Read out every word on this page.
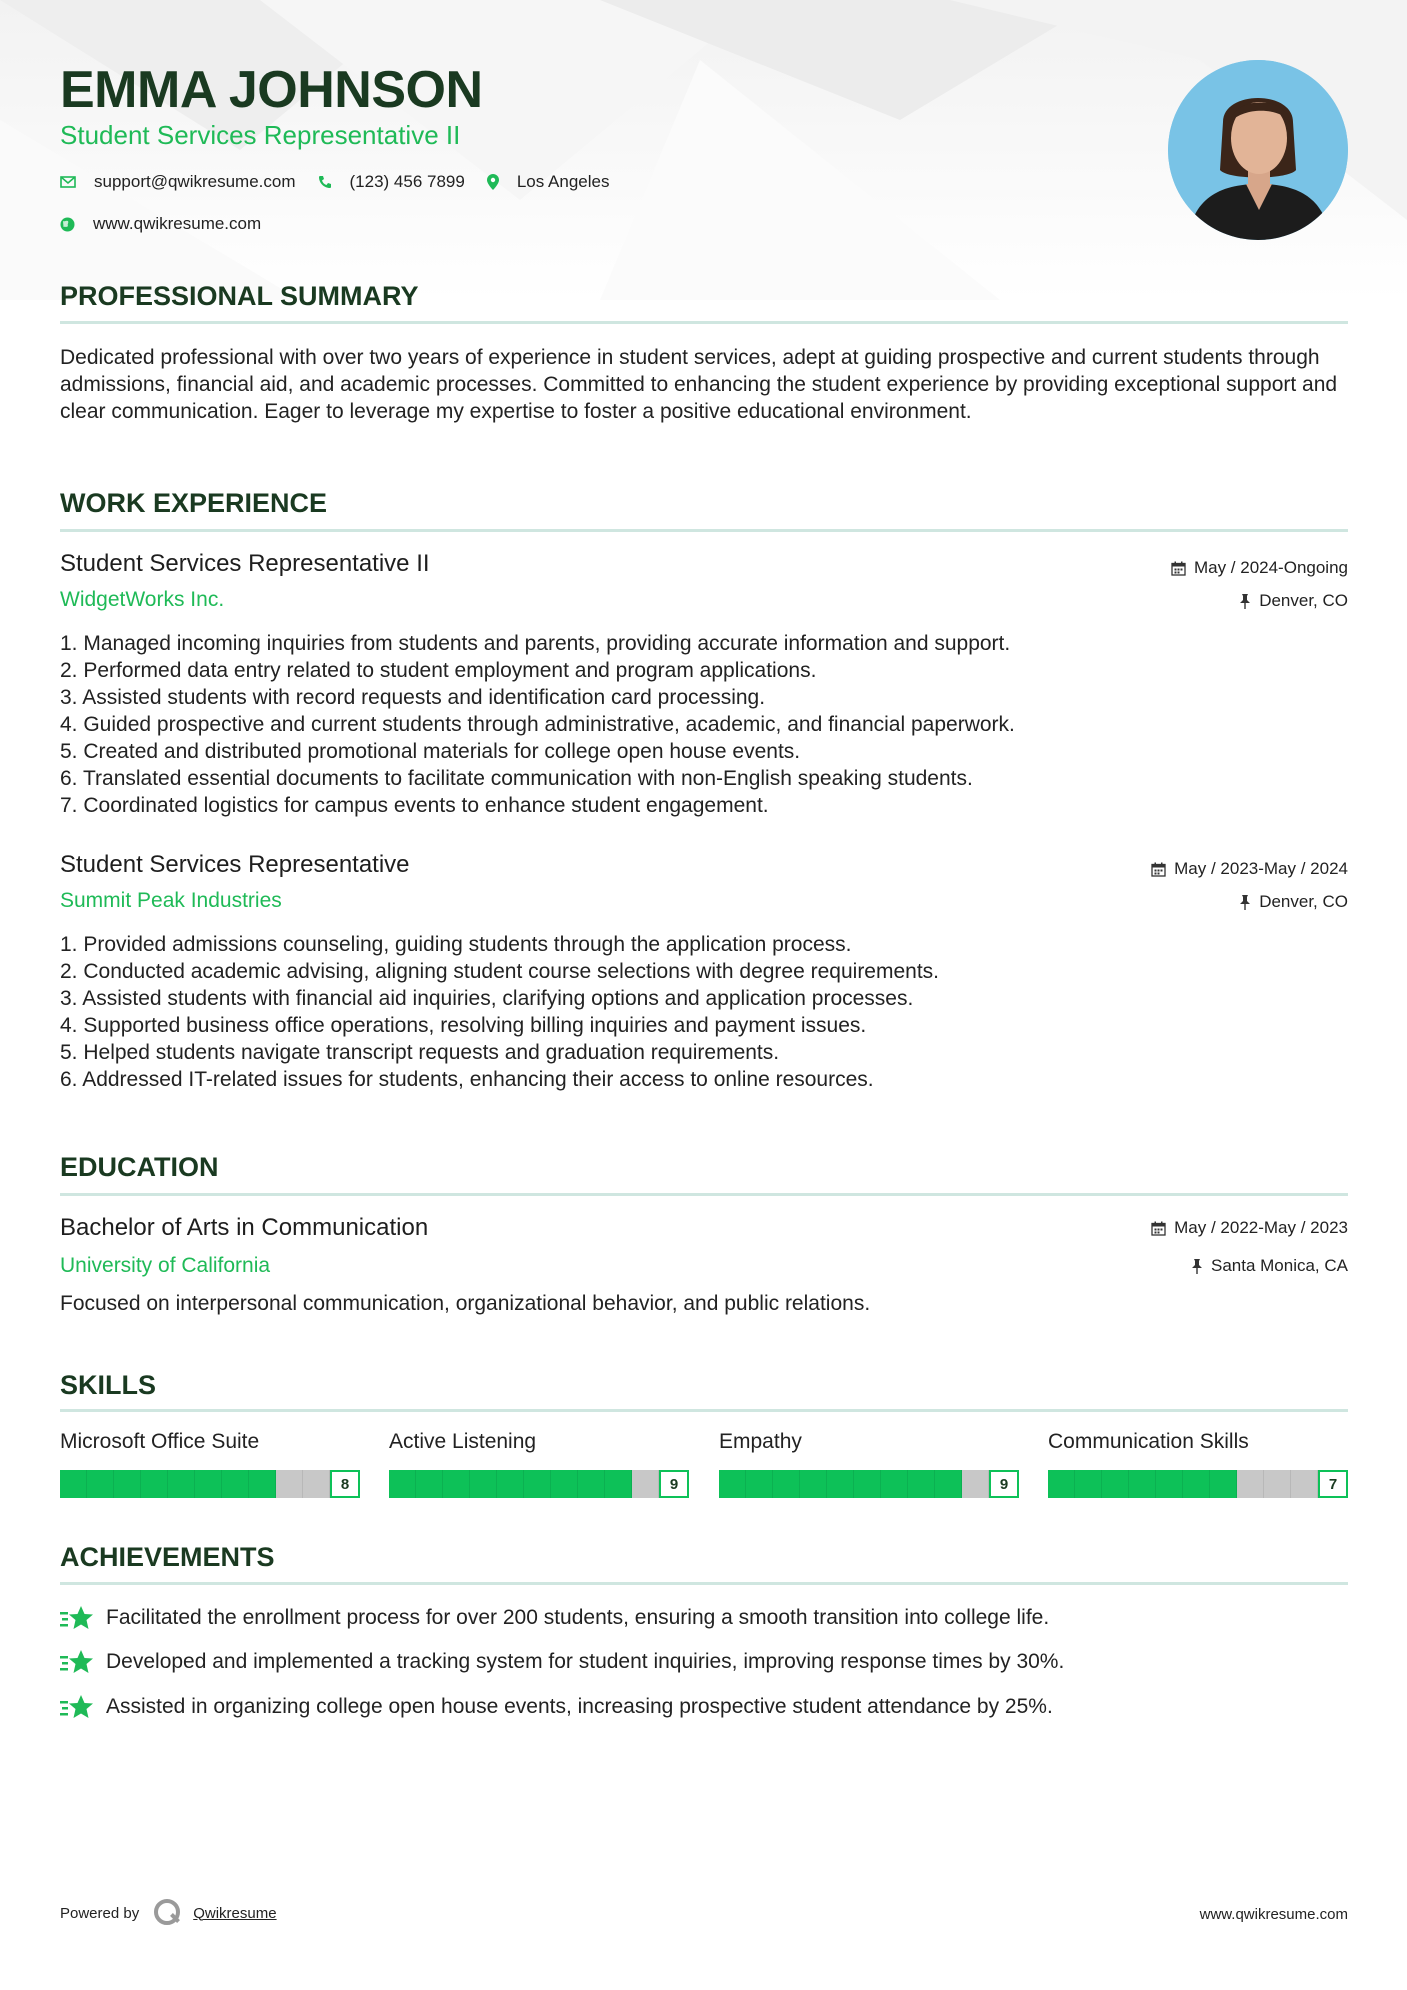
EMMA JOHNSON
Student Services Representative II
support@qwikresume.com	(123) 456 7899	Los Angeles
www.qwikresume.com
PROFESSIONAL SUMMARY
Dedicated professional with over two years of experience in student services, adept at guiding prospective and current students through admissions, financial aid, and academic processes. Committed to enhancing the student experience by providing exceptional support and clear communication. Eager to leverage my expertise to foster a positive educational environment.
WORK EXPERIENCE
Student Services Representative II	May / 2024-Ongoing
WidgetWorks Inc.	Denver, CO
1. Managed incoming inquiries from students and parents, providing accurate information and support.
2. Performed data entry related to student employment and program applications.
3. Assisted students with record requests and identification card processing.
4. Guided prospective and current students through administrative, academic, and financial paperwork.
5. Created and distributed promotional materials for college open house events.
6. Translated essential documents to facilitate communication with non-English speaking students.
7. Coordinated logistics for campus events to enhance student engagement.
Student Services Representative	May / 2023-May / 2024
Summit Peak Industries	Denver, CO
1. Provided admissions counseling, guiding students through the application process.
2. Conducted academic advising, aligning student course selections with degree requirements.
3. Assisted students with financial aid inquiries, clarifying options and application processes.
4. Supported business office operations, resolving billing inquiries and payment issues.
5. Helped students navigate transcript requests and graduation requirements.
6. Addressed IT-related issues for students, enhancing their access to online resources.
EDUCATION
Bachelor of Arts in Communication	May / 2022-May / 2023
University of California	Santa Monica, CA
Focused on interpersonal communication, organizational behavior, and public relations.
SKILLS
Microsoft Office Suite
8
Active Listening
9
Empathy
9
Communication Skills
7
ACHIEVEMENTS
Facilitated the enrollment process for over 200 students, ensuring a smooth transition into college life.
Developed and implemented a tracking system for student inquiries, improving response times by 30%.
Assisted in organizing college open house events, increasing prospective student attendance by 25%.
Powered by	Qwikresume	www.qwikresume.com
